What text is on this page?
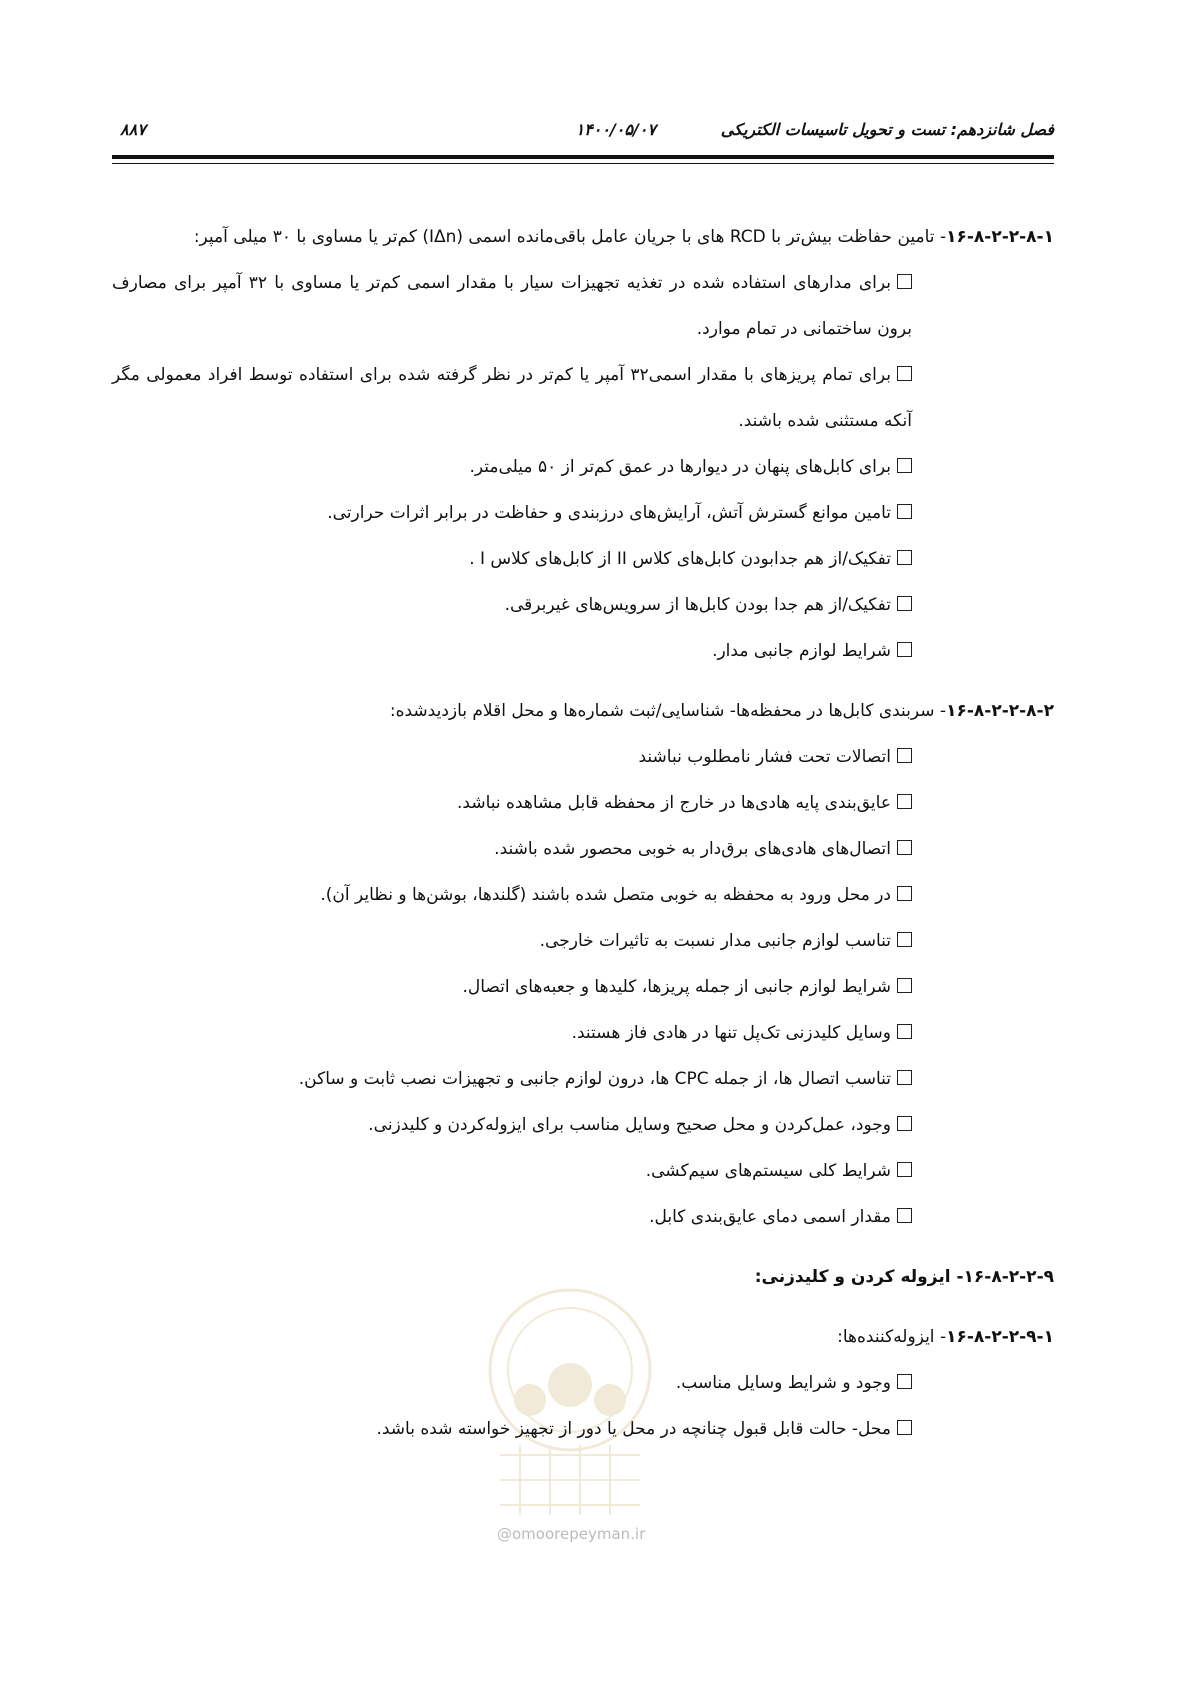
فصل شانزدهم: تست و تحویل تاسیسات الکتریکی
۱۴۰۰/۰۵/۰۷
۸۸۷

۱۶-۸-۲-۲-۸-۱- تامین حفاظت بیش‌تر با RCD های با جریان عامل باقی‌مانده اسمی (IΔn) کم‌تر یا مساوی با ۳۰ میلی آمپر:

برای مدارهای استفاده شده در تغذیه تجهیزات سیار با مقدار اسمی کم‌تر یا مساوی با ۳۲ آمپر برای مصارف برون ساختمانی در تمام موارد.

برای تمام پریزهای با مقدار اسمی۳۲ آمپر یا کم‌تر در نظر گرفته شده برای استفاده توسط افراد معمولی مگر آنکه مستثنی شده باشند.

برای کابل‌های پنهان در دیوارها در عمق کم‌تر از ۵۰ میلی‌متر.

تامین موانع گسترش آتش، آرایش‌های درزبندی و حفاظت در برابر اثرات حرارتی.

تفکیک/از هم جدابودن کابل‌های کلاس II از کابل‌های کلاس I .

تفکیک/از هم جدا بودن کابل‌ها از سرویس‌های غیربرقی.

شرایط لوازم جانبی مدار.

۱۶-۸-۲-۲-۸-۲- سربندی کابل‌ها در محفظه‌ها- شناسایی/ثبت شماره‌ها و محل اقلام بازدیدشده:

اتصالات تحت فشار نامطلوب نباشند

عایق‌بندی پایه هادی‌ها در خارج از محفظه قابل مشاهده نباشد.

اتصال‌های هادی‌های برق‌دار به خوبی محصور شده باشند.

در محل ورود به محفظه به خوبی متصل شده باشند (گلندها، بوشن‌ها و نظایر آن).

تناسب لوازم جانبی مدار نسبت به تاثیرات خارجی.

شرایط لوازم جانبی از جمله پریزها، کلیدها و جعبه‌های اتصال.

وسایل کلیدزنی تک‌پل تنها در هادی فاز هستند.

تناسب اتصال ها، از جمله CPC ها، درون لوازم جانبی و تجهیزات نصب ثابت و ساکن.

وجود، عمل‌کردن و محل صحیح وسایل مناسب برای ایزوله‌کردن و کلیدزنی.

شرایط کلی سیستم‌های سیم‌کشی.

مقدار اسمی دمای عایق‌بندی کابل.

۱۶-۸-۲-۲-۹- ایزوله کردن و کلیدزنی:

۱۶-۸-۲-۲-۹-۱- ایزوله‌کننده‌ها:

وجود و شرایط وسایل مناسب.

محل- حالت قابل قبول چنانچه در محل یا دور از تجهیز خواسته شده باشد.

@omoorepeyman.ir
